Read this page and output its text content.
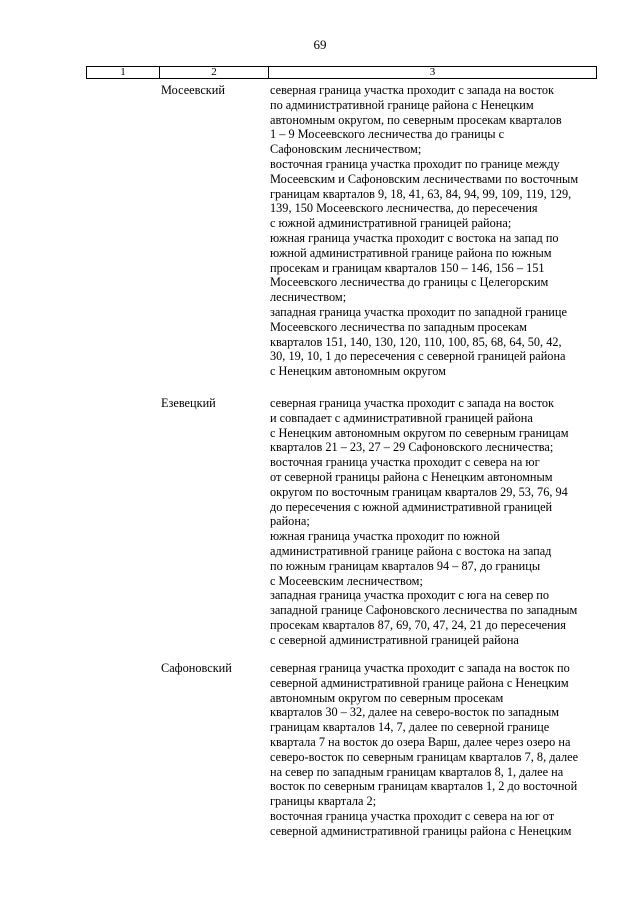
69
1	2	3
Мосеевский	северная граница участка проходит с запада на восток
по административной границе района с Ненецким
автономным округом, по северным просекам кварталов
1 – 9 Мосеевского лесничества до границы с
Сафоновским лесничеством;
восточная граница участка проходит по границе между
Мосеевским и Сафоновским лесничествами по восточным
границам кварталов 9, 18, 41, 63, 84, 94, 99, 109, 119, 129,
139, 150 Мосеевского лесничества, до пересечения
с южной административной границей района;
южная граница участка проходит с востока на запад по
южной административной границе района по южным
просекам и границам кварталов 150 – 146, 156 – 151
Мосеевского лесничества до границы с Целегорским
лесничеством;
западная граница участка проходит по западной границе
Мосеевского лесничества по западным просекам
кварталов 151, 140, 130, 120, 110, 100, 85, 68, 64, 50, 42,
30, 19, 10, 1 до пересечения с северной границей района
с Ненецким автономным округом
Езевецкий	северная граница участка проходит с запада на восток
и совпадает с административной границей района
с Ненецким автономным округом по северным границам
кварталов 21 – 23, 27 – 29 Сафоновского лесничества;
восточная граница участка проходит с севера на юг
от северной границы района с Ненецким автономным
округом по восточным границам кварталов 29, 53, 76, 94
до пересечения с южной административной границей
района;
южная граница участка проходит по южной
административной границе района с востока на запад
по южным границам кварталов 94 – 87, до границы
с Мосеевским лесничеством;
западная граница участка проходит с юга на север по
западной границе Сафоновского лесничества по западным
просекам кварталов 87, 69, 70, 47, 24, 21 до пересечения
с северной административной границей района
Сафоновский	северная граница участка проходит с запада на восток по
северной административной границе района с Ненецким
автономным округом по северным просекам
кварталов 30 – 32, далее на северо-восток по западным
границам кварталов 14, 7, далее по северной границе
квартала 7 на восток до озера Варш, далее через озеро на
северо-восток по северным границам кварталов 7, 8, далее
на север по западным границам кварталов 8, 1, далее на
восток по северным границам кварталов 1, 2 до восточной
границы квартала 2;
восточная граница участка проходит с севера на юг от
северной административной границы района с Ненецким
